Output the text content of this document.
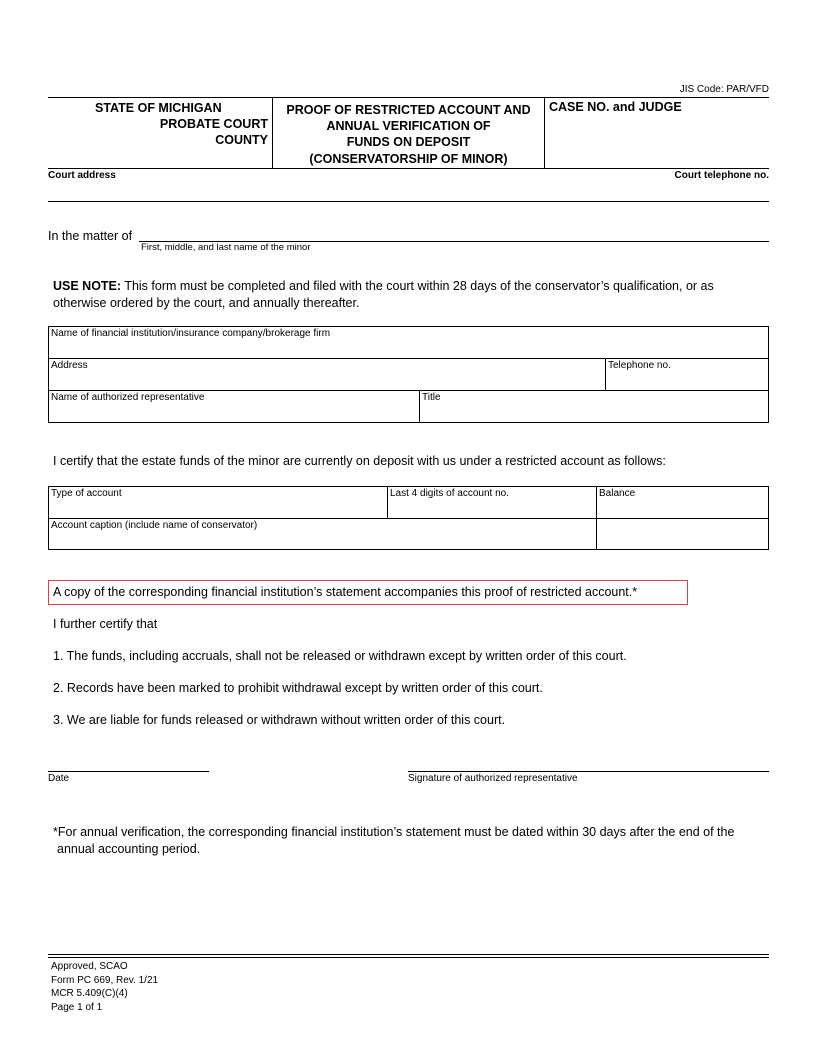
JIS Code: PAR/VFD
STATE OF MICHIGAN
PROBATE COURT
COUNTY
PROOF OF RESTRICTED ACCOUNT AND
ANNUAL VERIFICATION OF
FUNDS ON DEPOSIT
(CONSERVATORSHIP OF MINOR)
CASE NO. and JUDGE
Court address	Court telephone no.
In the matter of
First, middle, and last name of the minor
USE NOTE: This form must be completed and filed with the court within 28 days of the conservator’s qualification, or as
otherwise ordered by the court, and annually thereafter.
Name of financial institution/insurance company/brokerage firm
Address	Telephone no.
Name of authorized representative	Title
I certify that the estate funds of the minor are currently on deposit with us under a restricted account as follows:
Type of account	Last 4 digits of account no.	Balance
Account caption (include name of conservator)
A copy of the corresponding financial institution’s statement accompanies this proof of restricted account.*
I further certify that
1. The funds, including accruals, shall not be released or withdrawn except by written order of this court.
2. Records have been marked to prohibit withdrawal except by written order of this court.
3. We are liable for funds released or withdrawn without written order of this court.
Date	Signature of authorized representative
*For annual verification, the corresponding financial institution’s statement must be dated within 30 days after the end of the
annual accounting period.
Approved, SCAO
Form PC 669, Rev. 1/21
MCR 5.409(C)(4)
Page 1 of 1
